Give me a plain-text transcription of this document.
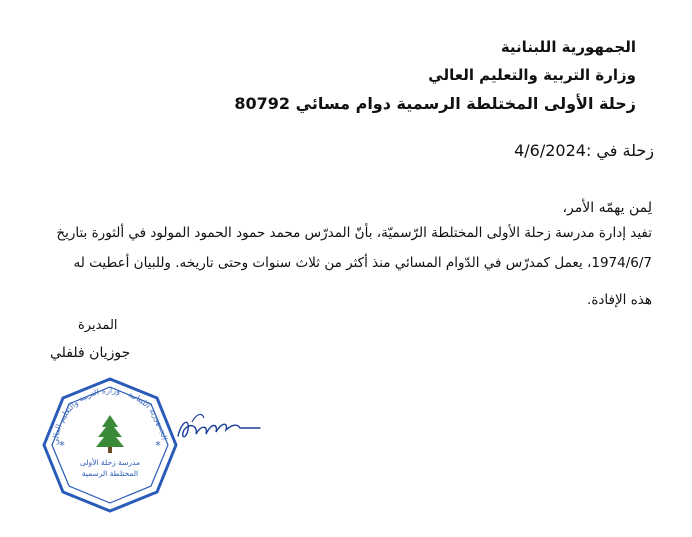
الجمهورية اللبنانية
وزارة التربية والتعليم العالي
زحلة الأولى المختلطة الرسمية دوام مسائي 80792
زحلة في :4/6/2024
لِمن يهمّه الأمر،
تفيد إدارة مدرسة زحلة الأولى المختلطة الرّسميّة، بأنّ المدرّس محمد حمود الحمود المولود في ألثورة بتاريخ
1974/6/7، يعمل كمدرّس في الدّوام المسائي منذ أكثر من ثلاث سنوات وحتى تاريخه. وللبيان أعطيت له
هذه الإفادة.
المديرة
جوزيان فلفلي
الجمهورية اللبنانية - وزارة التربية والتعليم العالي
مدرسة زحلة الأولى
المختلطة الرسمية
*	*
